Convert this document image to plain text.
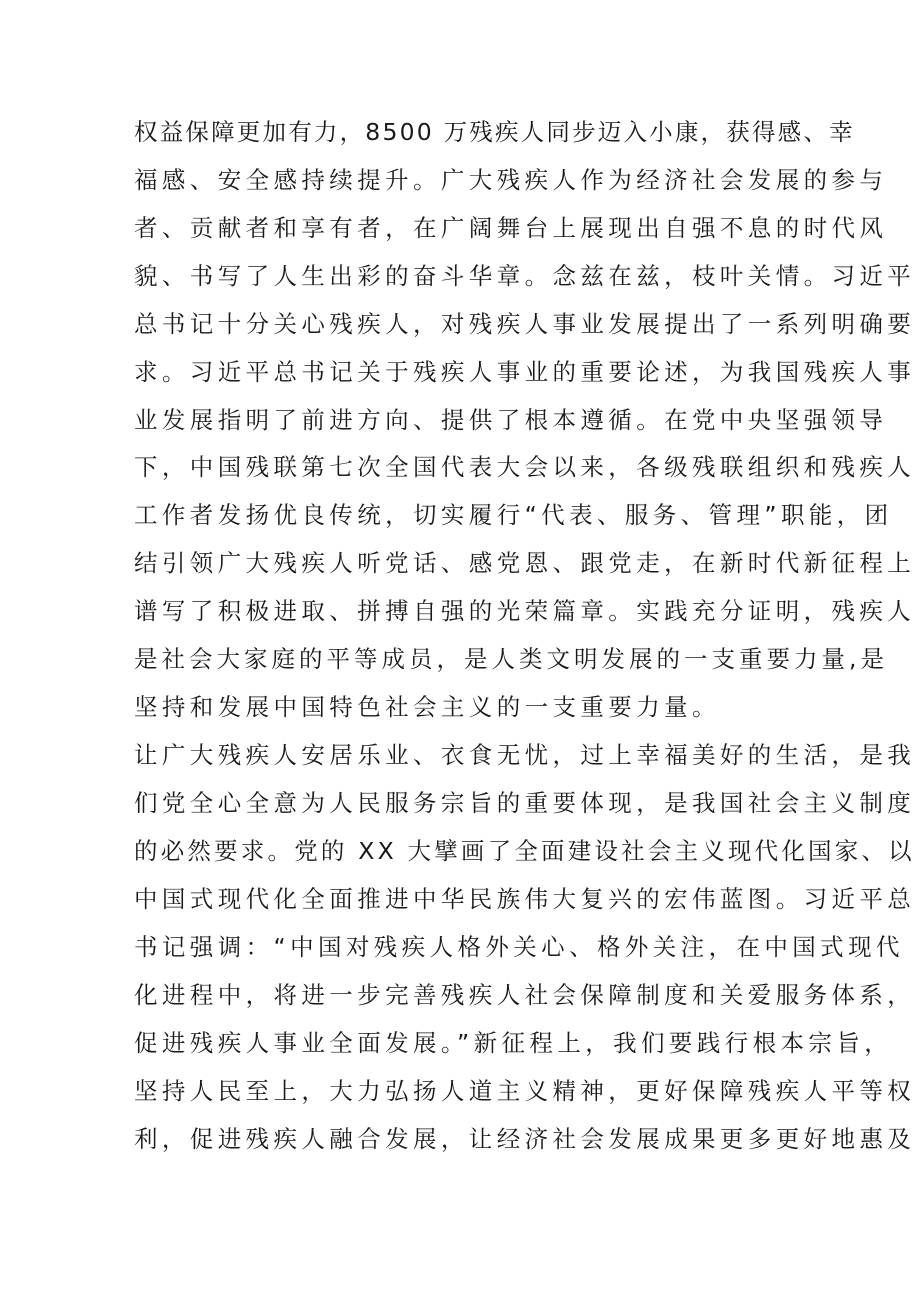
权益保障更加有力，8500 万残疾人同步迈入小康，获得感、幸
福感、安全感持续提升。广大残疾人作为经济社会发展的参与
者、贡献者和享有者，在广阔舞台上展现出自强不息的时代风
貌、书写了人生出彩的奋斗华章。念兹在兹，枝叶关情。习近平
总书记十分关心残疾人，对残疾人事业发展提出了一系列明确要
求。习近平总书记关于残疾人事业的重要论述，为我国残疾人事
业发展指明了前进方向、提供了根本遵循。在党中央坚强领导
下，中国残联第七次全国代表大会以来，各级残联组织和残疾人
工作者发扬优良传统，切实履行“代表、服务、管理”职能，团
结引领广大残疾人听党话、感党恩、跟党走，在新时代新征程上
谱写了积极进取、拼搏自强的光荣篇章。实践充分证明，残疾人
是社会大家庭的平等成员，是人类文明发展的一支重要力量,是
坚持和发展中国特色社会主义的一支重要力量。
让广大残疾人安居乐业、衣食无忧，过上幸福美好的生活，是我
们党全心全意为人民服务宗旨的重要体现，是我国社会主义制度
的必然要求。党的 XX 大擘画了全面建设社会主义现代化国家、以
中国式现代化全面推进中华民族伟大复兴的宏伟蓝图。习近平总
书记强调：“中国对残疾人格外关心、格外关注，在中国式现代
化进程中，将进一步完善残疾人社会保障制度和关爱服务体系，
促进残疾人事业全面发展。”新征程上，我们要践行根本宗旨，
坚持人民至上，大力弘扬人道主义精神，更好保障残疾人平等权
利，促进残疾人融合发展，让经济社会发展成果更多更好地惠及
